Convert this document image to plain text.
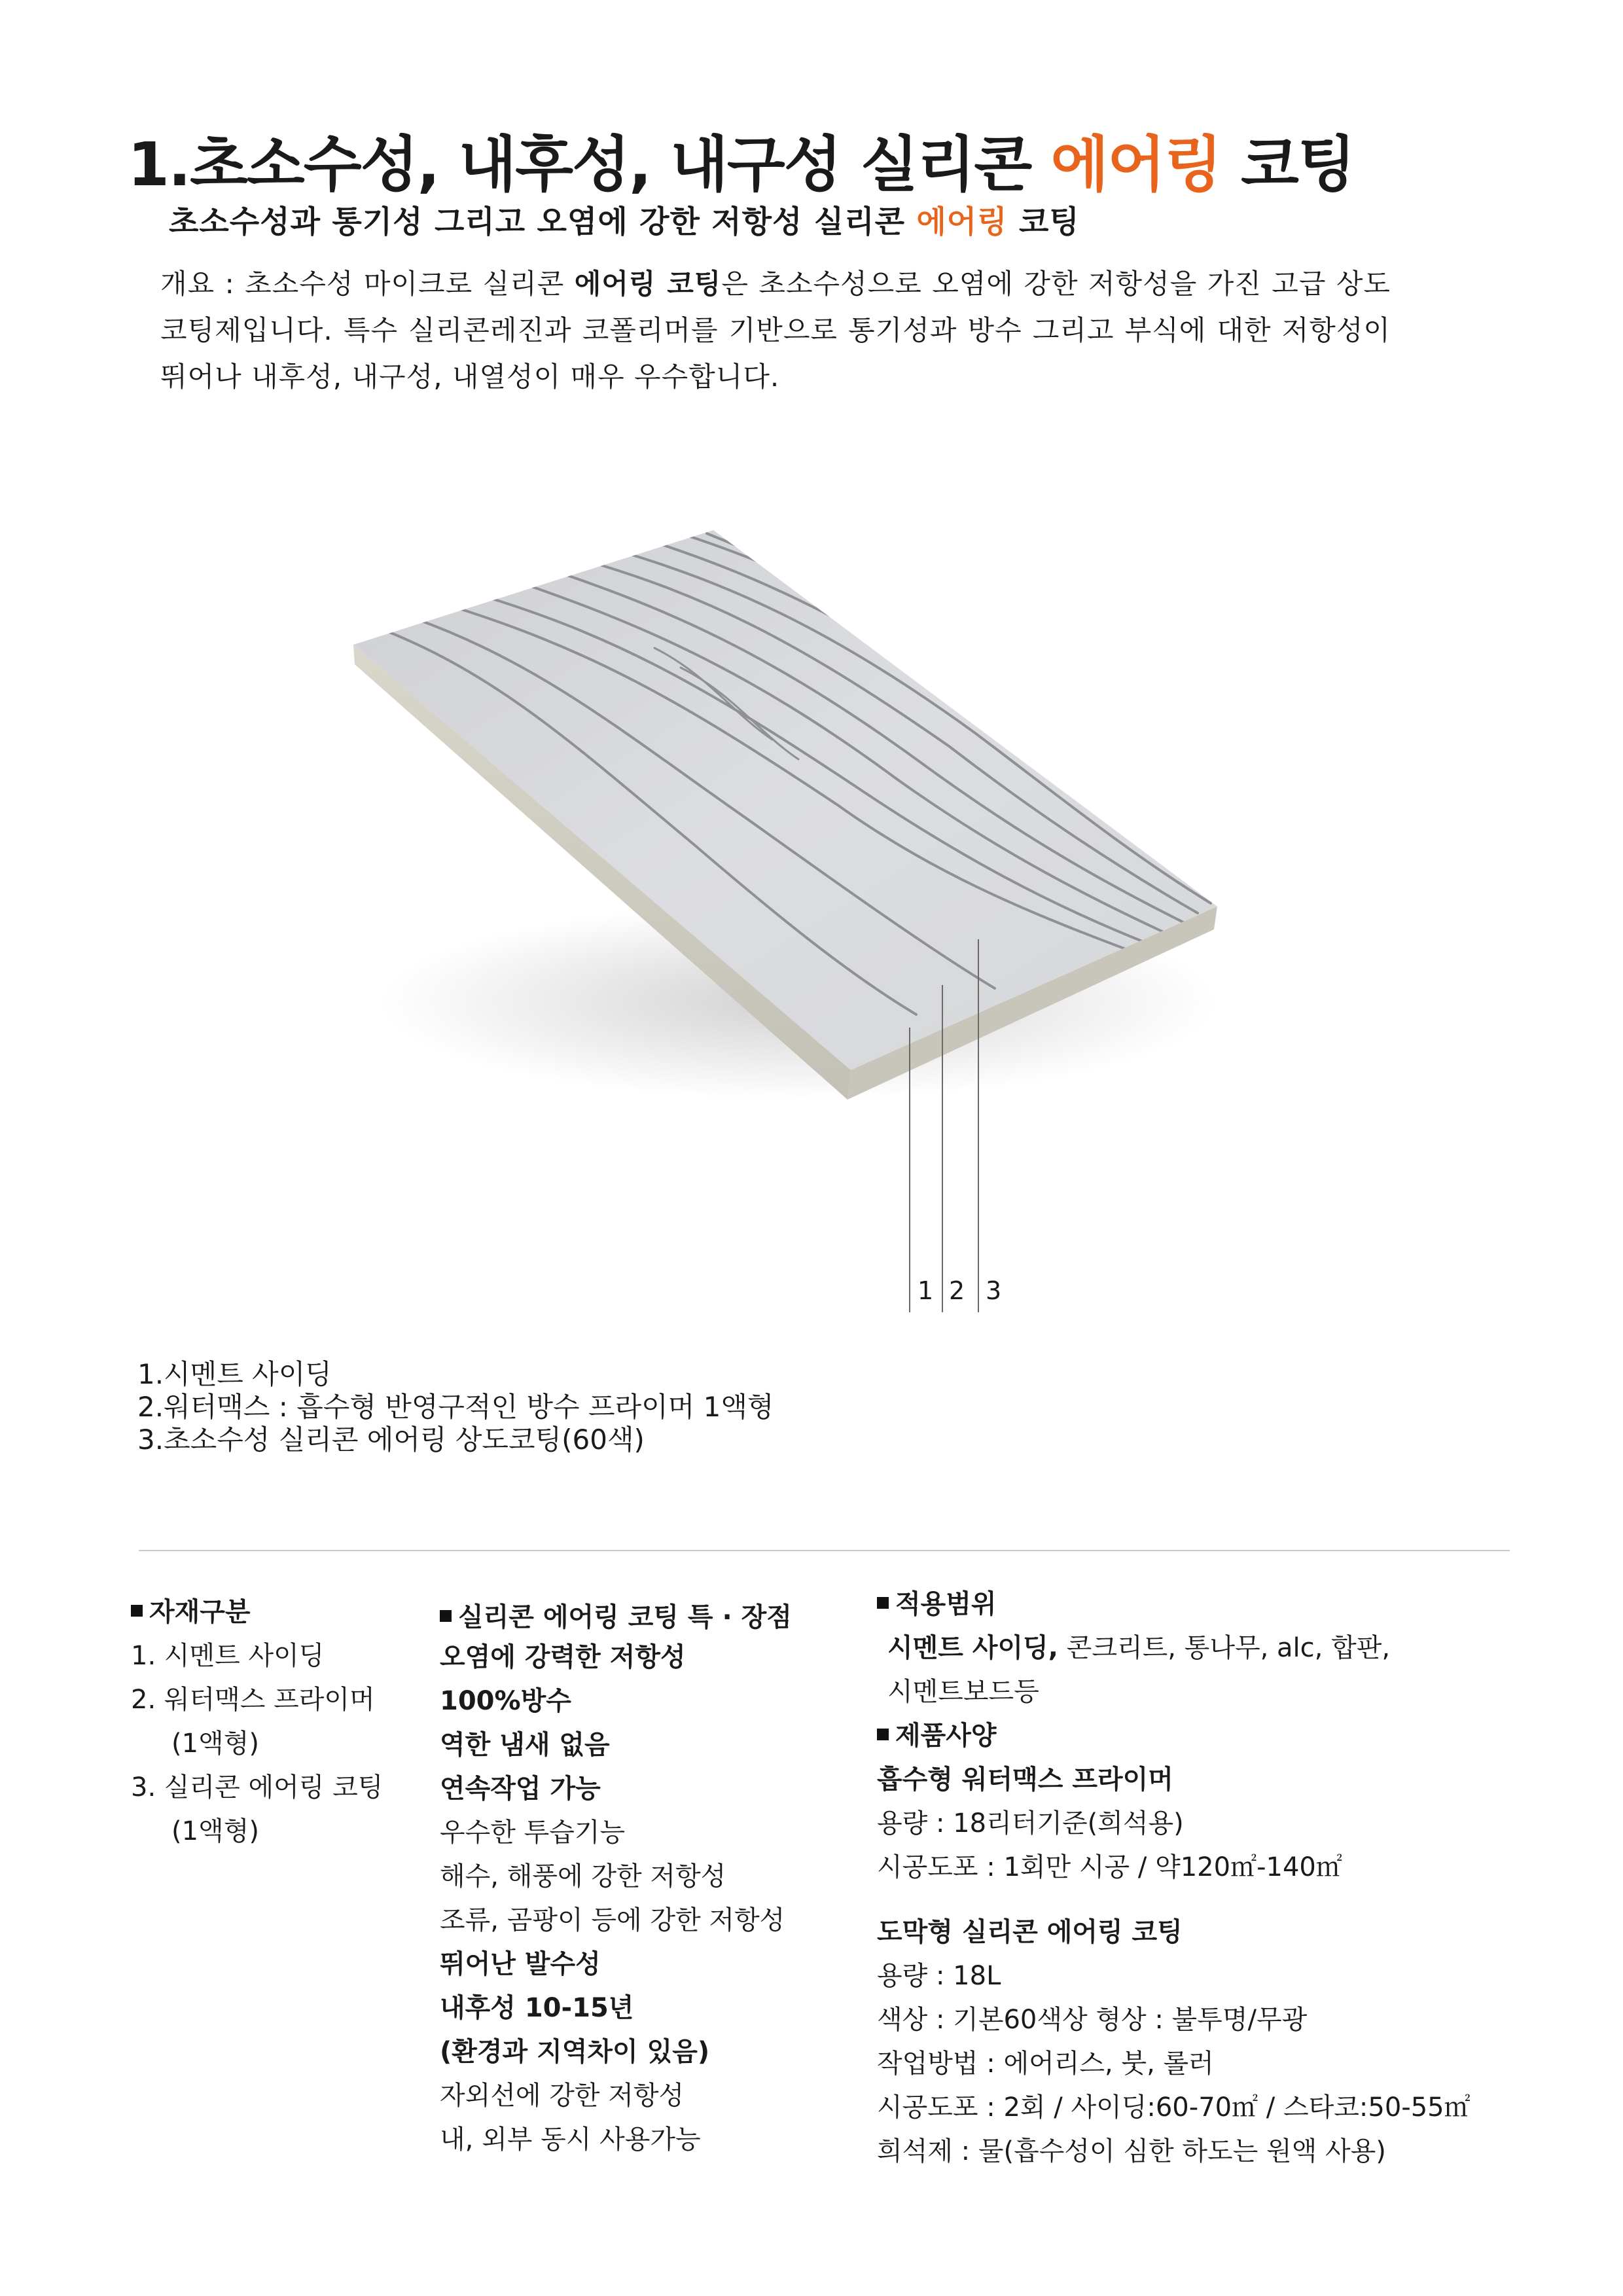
1.초소수성, 내후성, 내구성 실리콘 에어링 코팅
초소수성과 통기성 그리고 오염에 강한 저항성 실리콘 에어링 코팅
개요 : 초소수성 마이크로 실리콘 에어링 코팅은 초소수성으로 오염에 강한 저항성을 가진 고급 상도 코팅제입니다. 특수 실리콘레진과 코폴리머를 기반으로 통기성과 방수 그리고 부식에 대한 저항성이 뛰어나 내후성, 내구성, 내열성이 매우 우수합니다.
1 2 3
1.시멘트 사이딩
2.워터맥스 : 흡수형 반영구적인 방수 프라이머 1액형
3.초소수성 실리콘 에어링 상도코팅(60색)
자재구분
1. 시멘트 사이딩
2. 워터맥스 프라이머
(1액형)
3. 실리콘 에어링 코팅
(1액형)
실리콘 에어링 코팅 특 · 장점
오염에 강력한 저항성
100%방수
역한 냄새 없음
연속작업 가능
우수한 투습기능
해수, 해풍에 강한 저항성
조류, 곰팡이 등에 강한 저항성
뛰어난 발수성
내후성 10-15년
(환경과 지역차이 있음)
자외선에 강한 저항성
내, 외부 동시 사용가능
적용범위
시멘트 사이딩, 콘크리트, 통나무, alc, 합판,
시멘트보드등
제품사양
흡수형 워터맥스 프라이머
용량 : 18리터기준(희석용)
시공도포 : 1회만 시공 / 약120㎡-140㎡
도막형 실리콘 에어링 코팅
용량 : 18L
색상 : 기본60색상 형상 : 불투명/무광
작업방법 : 에어리스, 붓, 롤러
시공도포 : 2회 / 사이딩:60-70㎡ / 스타코:50-55㎡
희석제 : 물(흡수성이 심한 하도는 원액 사용)
